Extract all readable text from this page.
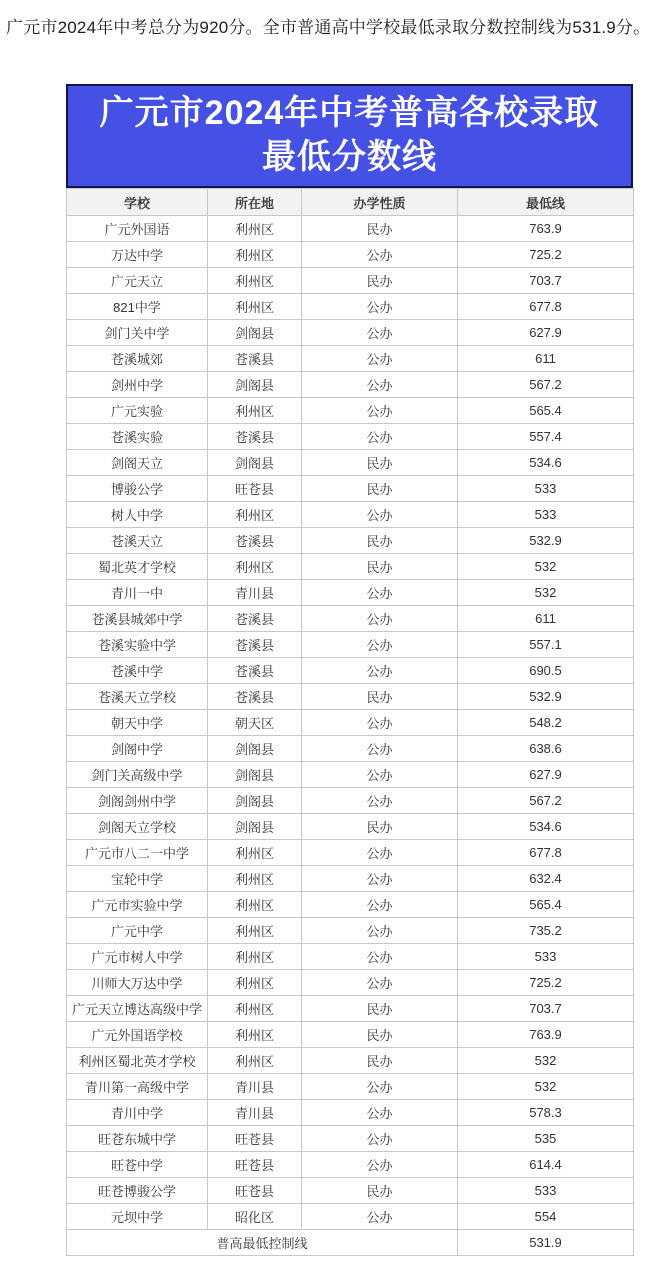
广元市2024年中考总分为920分。全市普通高中学校最低录取分数控制线为531.9分。
广元市2024年中考普高各校录取
最低分数线
学校	所在地	办学性质	最低线
广元外国语	利州区	民办	763.9
万达中学	利州区	公办	725.2
广元天立	利州区	民办	703.7
821中学	利州区	公办	677.8
剑门关中学	剑阁县	公办	627.9
苍溪城郊	苍溪县	公办	611
剑州中学	剑阁县	公办	567.2
广元实验	利州区	公办	565.4
苍溪实验	苍溪县	公办	557.4
剑阁天立	剑阁县	民办	534.6
博骏公学	旺苍县	民办	533
树人中学	利州区	公办	533
苍溪天立	苍溪县	民办	532.9
蜀北英才学校	利州区	民办	532
青川一中	青川县	公办	532
苍溪县城郊中学	苍溪县	公办	611
苍溪实验中学	苍溪县	公办	557.1
苍溪中学	苍溪县	公办	690.5
苍溪天立学校	苍溪县	民办	532.9
朝天中学	朝天区	公办	548.2
剑阁中学	剑阁县	公办	638.6
剑门关高级中学	剑阁县	公办	627.9
剑阁剑州中学	剑阁县	公办	567.2
剑阁天立学校	剑阁县	民办	534.6
广元市八二一中学	利州区	公办	677.8
宝轮中学	利州区	公办	632.4
广元市实验中学	利州区	公办	565.4
广元中学	利州区	公办	735.2
广元市树人中学	利州区	公办	533
川师大万达中学	利州区	公办	725.2
广元天立博达高级中学	利州区	民办	703.7
广元外国语学校	利州区	民办	763.9
利州区蜀北英才学校	利州区	民办	532
青川第一高级中学	青川县	公办	532
青川中学	青川县	公办	578.3
旺苍东城中学	旺苍县	公办	535
旺苍中学	旺苍县	公办	614.4
旺苍博骏公学	旺苍县	民办	533
元坝中学	昭化区	公办	554
普高最低控制线			531.9
